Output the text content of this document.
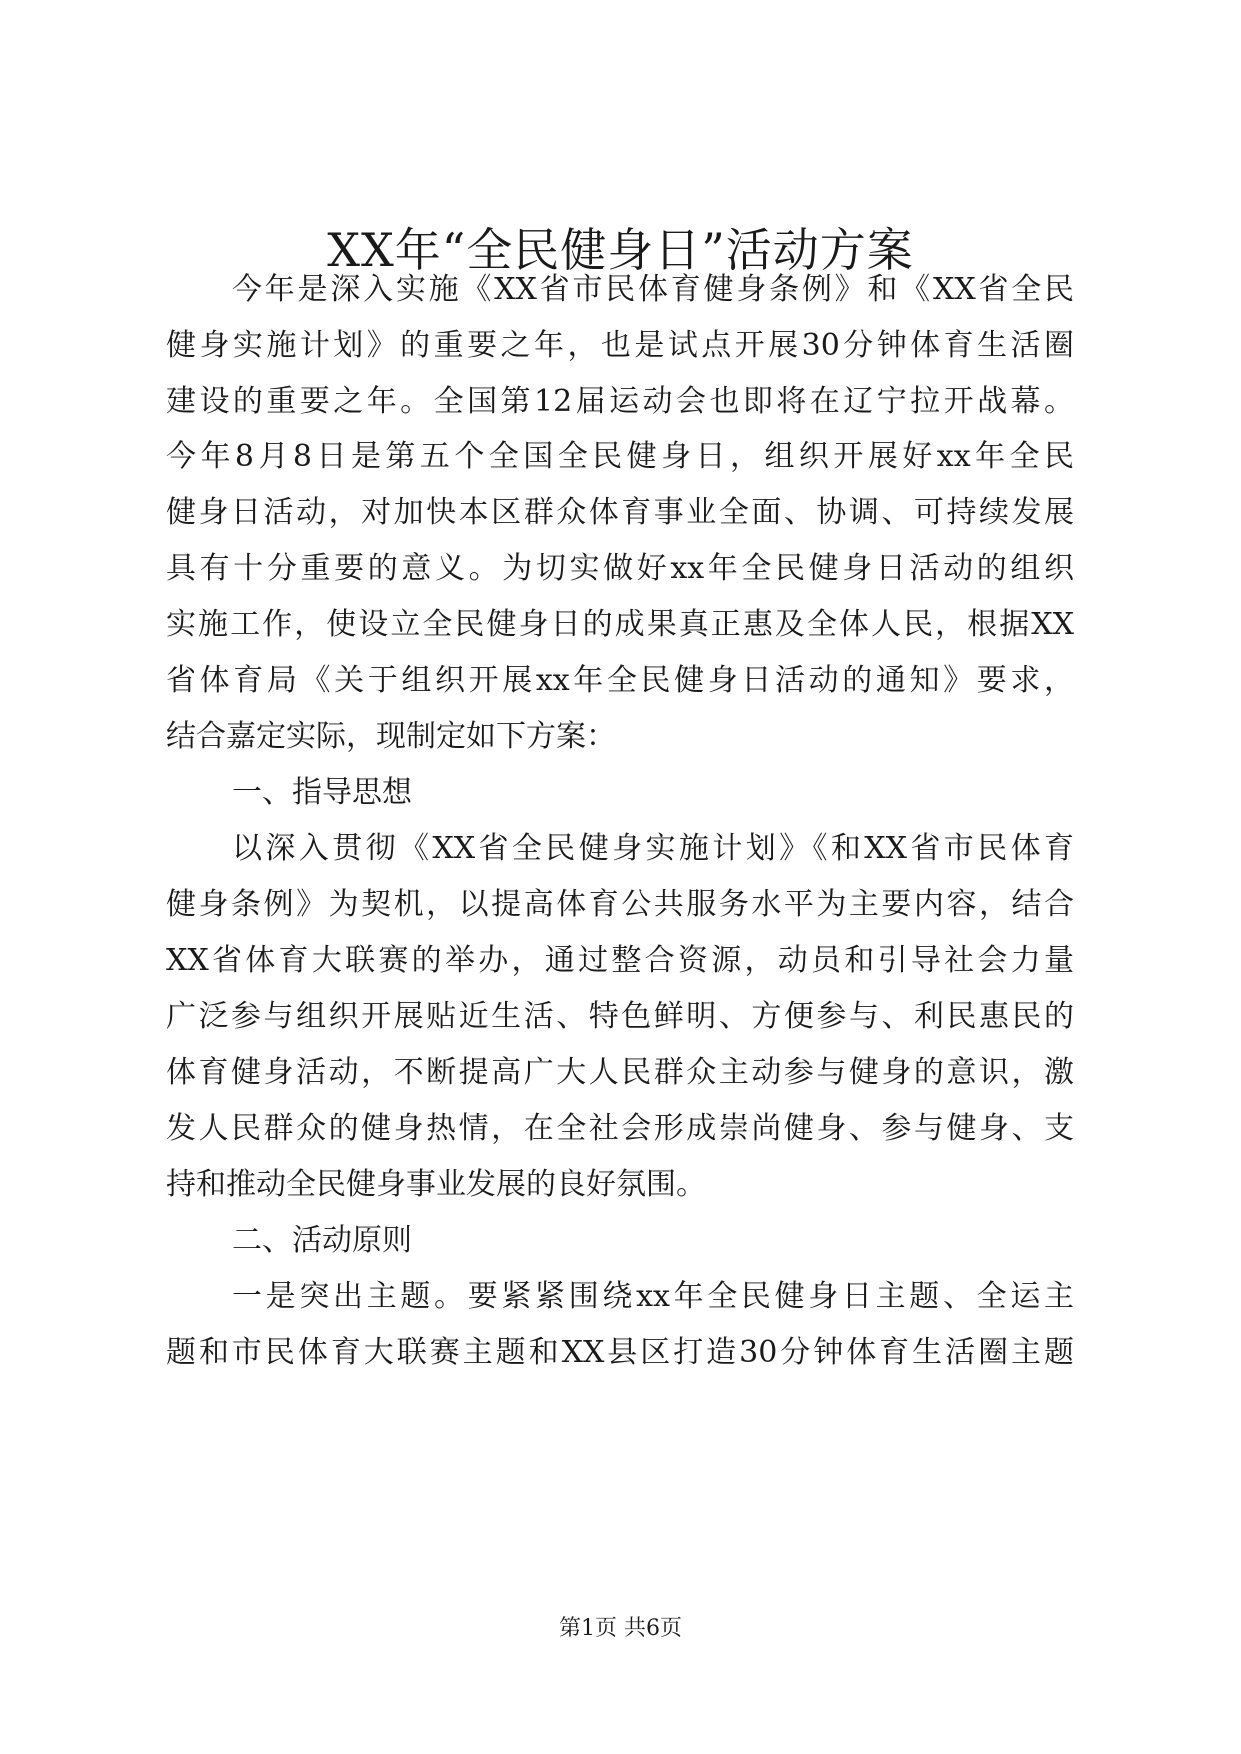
XX年“全民健身日”活动方案
今年是深入实施《XX省市民体育健身条例》和《XX省全民
健身实施计划》的重要之年，也是试点开展30分钟体育生活圈
建设的重要之年。全国第12届运动会也即将在辽宁拉开战幕。
今年8月8日是第五个全国全民健身日，组织开展好xx年全民
健身日活动，对加快本区群众体育事业全面、协调、可持续发展
具有十分重要的意义。为切实做好xx年全民健身日活动的组织
实施工作，使设立全民健身日的成果真正惠及全体人民，根据XX
省体育局《关于组织开展xx年全民健身日活动的通知》要求，
结合嘉定实际，现制定如下方案：
一、指导思想
以深入贯彻《XX省全民健身实施计划》《和XX省市民体育
健身条例》为契机，以提高体育公共服务水平为主要内容，结合
XX省体育大联赛的举办，通过整合资源，动员和引导社会力量
广泛参与组织开展贴近生活、特色鲜明、方便参与、利民惠民的
体育健身活动，不断提高广大人民群众主动参与健身的意识，激
发人民群众的健身热情，在全社会形成崇尚健身、参与健身、支
持和推动全民健身事业发展的良好氛围。
二、活动原则
一是突出主题。要紧紧围绕xx年全民健身日主题、全运主
题和市民体育大联赛主题和XX县区打造30分钟体育生活圈主题
第1页 共6页
